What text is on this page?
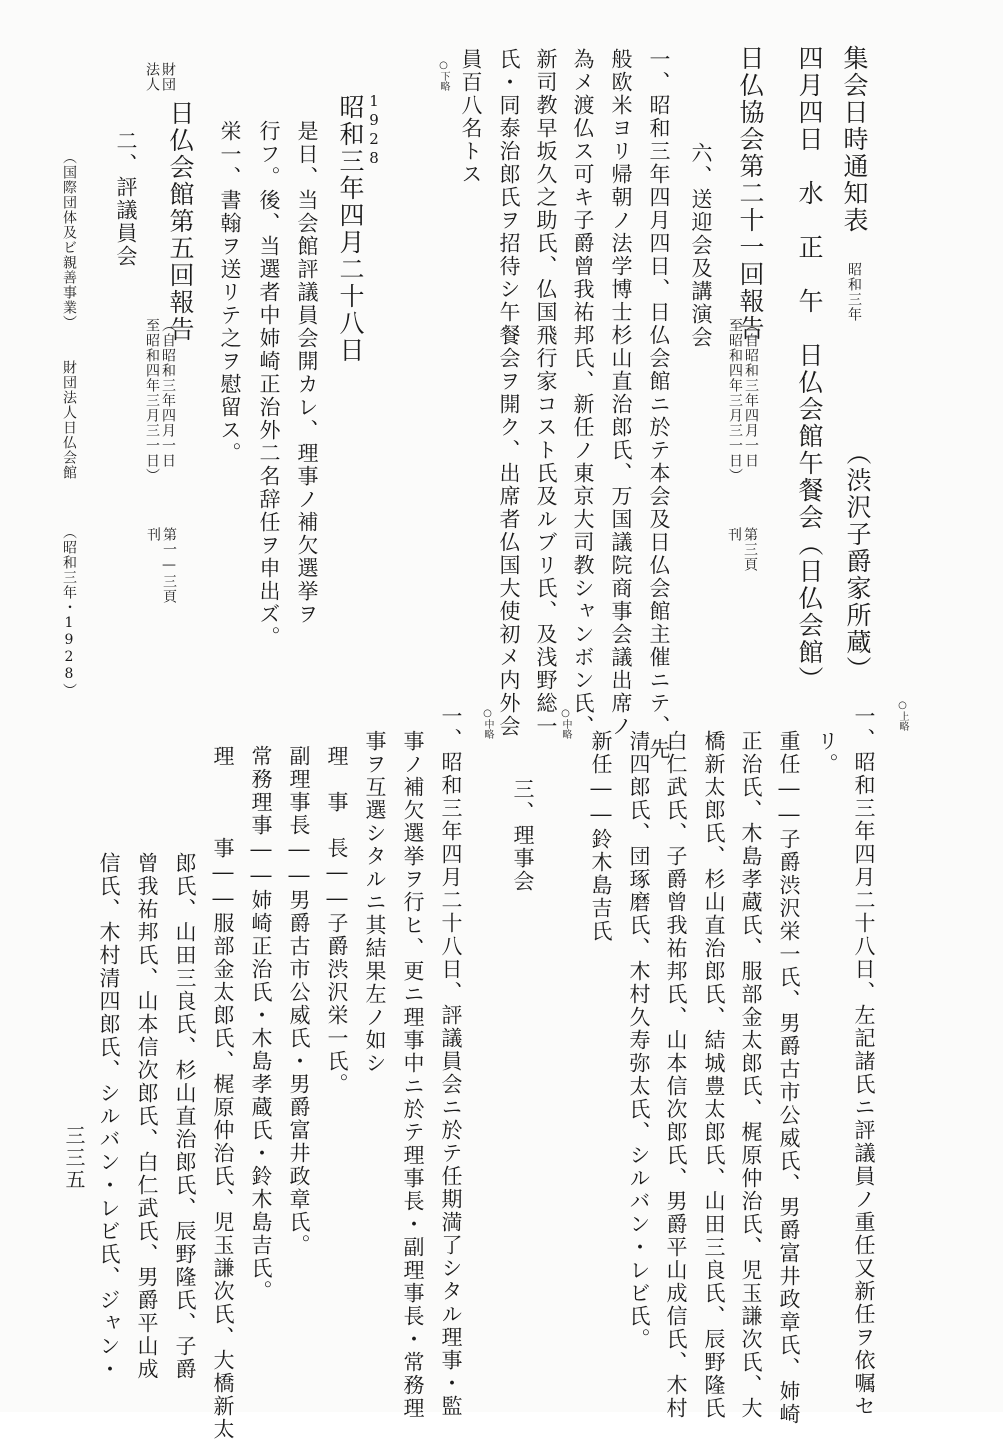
集会日時通知表
昭和三年
（渋沢子爵家所蔵）
四月四日　水　正　午　日仏会館午餐会（日仏会館）
日仏協会第二十一回報告
（自昭和三年四月一日
至昭和四年三月三一日）
第三頁
刊
六、送迎会及講演会
一、昭和三年四月四日、日仏会館ニ於テ本会及日仏会館主催ニテ、先
般欧米ヨリ帰朝ノ法学博士杉山直治郎氏、万国議院商事会議出席ノ
為メ渡仏ス可キ子爵曾我祐邦氏、新任ノ東京大司教シャンボン氏、
新司教早坂久之助氏、仏国飛行家コスト氏及ルブリ氏、及浅野総一
氏・同泰治郎氏ヲ招待シ午餐会ヲ開ク、出席者仏国大使初メ内外会
員百八名トス
○下略
1928
昭和三年四月二十八日
是日、当会館評議員会開カレ、理事ノ補欠選挙ヲ
行フ。後、当選者中姉崎正治外二名辞任ヲ申出ズ。
栄一、書翰ヲ送リテ之ヲ慰留ス。
財団
法人
日仏会館第五回報告
（自昭和三年四月一日
至昭和四年三月三一日）
第一—三頁
刊
二、評議員会
（国際団体及ビ親善事業）
財団法人日仏会館
（昭和三年・1928）
○上略
一、昭和三年四月二十八日、左記諸氏ニ評議員ノ重任又新任ヲ依嘱セ
リ。
重任――子爵渋沢栄一氏、男爵古市公威氏、男爵富井政章氏、姉崎
正治氏、木島孝蔵氏、服部金太郎氏、梶原仲治氏、児玉謙次氏、大
橋新太郎氏、杉山直治郎氏、結城豊太郎氏、山田三良氏、辰野隆氏
白仁武氏、子爵曾我祐邦氏、山本信次郎氏、男爵平山成信氏、木村
清四郎氏、団琢磨氏、木村久寿弥太氏、シルバン・レビ氏。
新任――鈴木島吉氏
○中略
三、理事会
○中略
一、昭和三年四月二十八日、評議員会ニ於テ任期満了シタル理事・監
事ノ補欠選挙ヲ行ヒ、更ニ理事中ニ於テ理事長・副理事長・常務理
事ヲ互選シタルニ其結果左ノ如シ
理　事　長――子爵渋沢栄一氏。
副理事長――男爵古市公威氏・男爵富井政章氏。
常務理事――姉崎正治氏・木島孝蔵氏・鈴木島吉氏。
理　　　事――服部金太郎氏、梶原仲治氏、児玉謙次氏、大橋新太
郎氏、山田三良氏、杉山直治郎氏、辰野隆氏、子爵
曾我祐邦氏、山本信次郎氏、白仁武氏、男爵平山成
信氏、木村清四郎氏、シルバン・レビ氏、ジャン・
三三五
